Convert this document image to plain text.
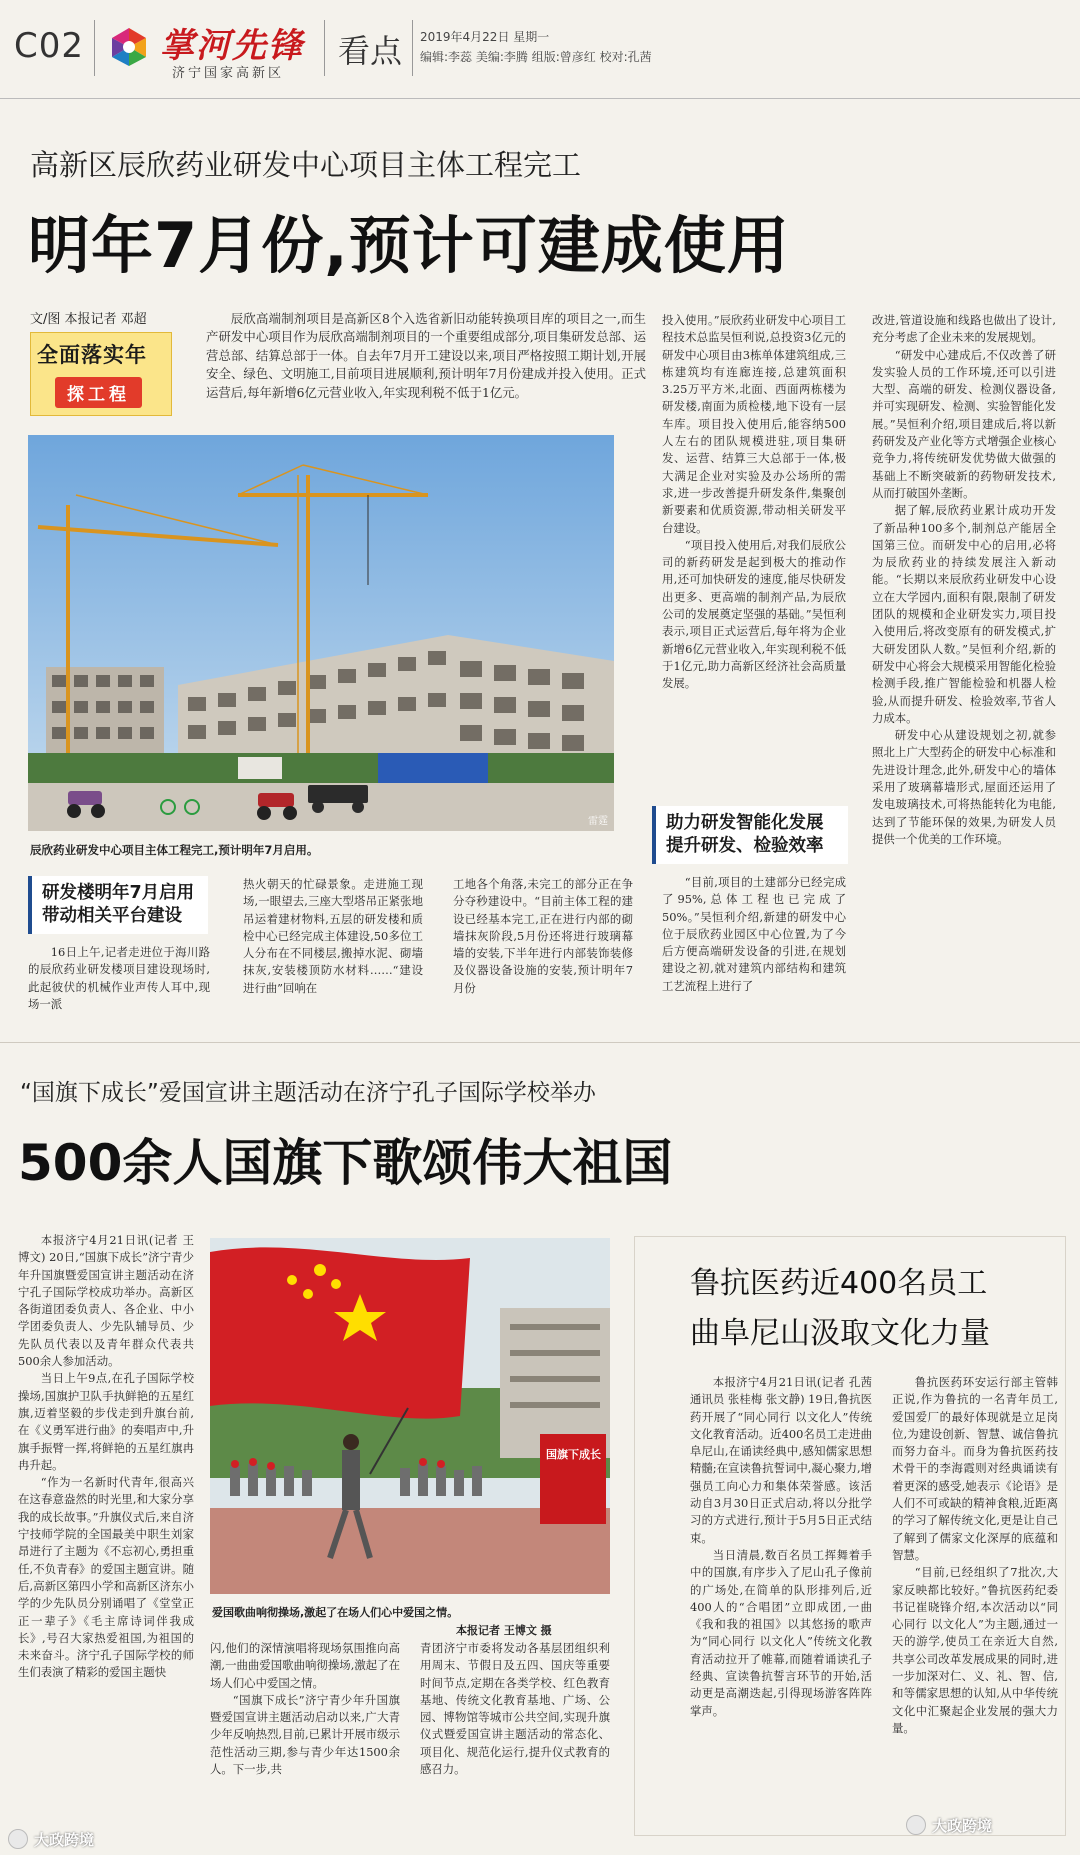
C02 掌河先锋
济宁国家高新区
看点 2019年4月22日 星期一
编辑:李蕊 美编:李腾 组版:曾彦红 校对:孔茜
高新区辰欣药业研发中心项目主体工程完工
明年7月份,预计可建成使用
文/图 本报记者 邓超
全面落实年
探工程

辰欣高端制剂项目是高新区8个入选省新旧动能转换项目库的项目之一,而生产研发中心项目作为辰欣高端制剂项目的一个重要组成部分,项目集研发总部、运营总部、结算总部于一体。自去年7月开工建设以来,项目严格按照工期计划,开展安全、绿色、文明施工,目前项目进展顺利,预计明年7月份建成并投入使用。正式运营后,每年新增6亿元营业收入,年实现利税不低于1亿元。

雷霆
辰欣药业研发中心项目主体工程完工,预计明年7月启用。
研发楼明年7月启用
带动相关平台建设

16日上午,记者走进位于海川路的辰欣药业研发楼项目建设现场时,此起彼伏的机械作业声传人耳中,现场一派

热火朝天的忙碌景象。走进施工现场,一眼望去,三座大型塔吊正紧张地吊运着建材物料,五层的研发楼和质检中心已经完成主体建设,50多位工人分布在不同楼层,搬掉水泥、砌墙抹灰,安装楼顶防水材料……“建设进行曲”回响在

工地各个角落,未完工的部分正在争分夺秒建设中。“目前主体工程的建设已经基本完工,正在进行内部的砌墙抹灰阶段,5月份还将进行玻璃幕墙的安装,下半年进行内部装饰装修及仪器设备设施的安装,预计明年7月份

投入使用。”辰欣药业研发中心项目工程技术总监吴恒利说,总投资3亿元的研发中心项目由3栋单体建筑组成,三栋建筑均有连廊连接,总建筑面积3.25万平方米,北面、西面两栋楼为研发楼,南面为质检楼,地下设有一层车库。项目投入使用后,能容纳500人左右的团队规模进驻,项目集研发、运营、结算三大总部于一体,极大满足企业对实验及办公场所的需求,进一步改善提升研发条件,集聚创新要素和优质资源,带动相关研发平台建设。

“项目投入使用后,对我们辰欣公司的新药研发是起到极大的推动作用,还可加快研发的速度,能尽快研发出更多、更高端的制剂产品,为辰欣公司的发展奠定坚强的基础。”吴恒利表示,项目正式运营后,每年将为企业新增6亿元营业收入,年实现利税不低于1亿元,助力高新区经济社会高质量发展。

助力研发智能化发展
提升研发、检验效率

“目前,项目的土建部分已经完成了95%,总体工程也已完成了50%。”吴恒利介绍,新建的研发中心位于辰欣药业园区中心位置,为了今后方便高端研发设备的引进,在规划建设之初,就对建筑内部结构和建筑工艺流程上进行了

改进,管道设施和线路也做出了设计,充分考虑了企业未来的发展规划。

“研发中心建成后,不仅改善了研发实验人员的工作环境,还可以引进大型、高端的研发、检测仪器设备,并可实现研发、检测、实验智能化发展。”吴恒利介绍,项目建成后,将以新药研发及产业化等方式增强企业核心竞争力,将传统研发优势做大做强的基础上不断突破新的药物研发技术,从而打破国外垄断。

据了解,辰欣药业累计成功开发了新品种100多个,制剂总产能居全国第三位。而研发中心的启用,必将为辰欣药业的持续发展注入新动能。“长期以来辰欣药业研发中心设立在大学园内,面积有限,限制了研发团队的规模和企业研发实力,项目投入使用后,将改变原有的研发模式,扩大研发团队人数。”吴恒利介绍,新的研发中心将会大规模采用智能化检验检测手段,推广智能检验和机器人检验,从而提升研发、检验效率,节省人力成本。

研发中心从建设规划之初,就参照北上广大型药企的研发中心标准和先进设计理念,此外,研发中心的墙体采用了玻璃幕墙形式,屋面还运用了发电玻璃技术,可将热能转化为电能,达到了节能环保的效果,为研发人员提供一个优美的工作环境。

“国旗下成长”爱国宣讲主题活动在济宁孔子国际学校举办
500余人国旗下歌颂伟大祖国

本报济宁4月21日讯(记者 王博文) 20日,“国旗下成长”济宁青少年升国旗暨爱国宣讲主题活动在济宁孔子国际学校成功举办。高新区各街道团委负责人、各企业、中小学团委负责人、少先队辅导员、少先队员代表以及青年群众代表共500余人参加活动。

当日上午9点,在孔子国际学校操场,国旗护卫队手执鲜艳的五星红旗,迈着坚毅的步伐走到升旗台前,在《义勇军进行曲》的奏唱声中,升旗手振臂一挥,将鲜艳的五星红旗冉冉升起。

“作为一名新时代青年,很高兴在这春意盎然的时光里,和大家分享我的成长故事。”升旗仪式后,来自济宁技师学院的全国最美中职生刘家昂进行了主题为《不忘初心,勇担重任,不负青春》的爱国主题宣讲。随后,高新区第四小学和高新区济东小学的少先队员分别诵唱了《堂堂正正一辈子》《毛主席诗词伴我成长》,号召大家热爱祖国,为祖国的未来奋斗。济宁孔子国际学校的师生们表演了精彩的爱国主题快

国旗下成长
爱国歌曲响彻操场,激起了在场人们心中爱国之情。
本报记者 王博文 摄

闪,他们的深情演唱将现场氛围推向高潮,一曲曲爱国歌曲响彻操场,激起了在场人们心中爱国之情。

“国旗下成长”济宁青少年升国旗暨爱国宣讲主题活动启动以来,广大青少年反响热烈,目前,已累计开展市级示范性活动三期,参与青少年达1500余人。下一步,共

青团济宁市委将发动各基层团组织利用周末、节假日及五四、国庆等重要时间节点,定期在各类学校、红色教育基地、传统文化教育基地、广场、公园、博物馆等城市公共空间,实现升旗仪式暨爱国宣讲主题活动的常态化、项目化、规范化运行,提升仪式教育的感召力。

鲁抗医药近400名员工
曲阜尼山汲取文化力量

本报济宁4月21日讯(记者 孔茜 通讯员 张桂梅 张文静) 19日,鲁抗医药开展了“同心同行 以文化人”传统文化教育活动。近400名员工走进曲阜尼山,在诵读经典中,感知儒家思想精髓;在宣读鲁抗誓词中,凝心聚力,增强员工向心力和集体荣誉感。该活动自3月30日正式启动,将以分批学习的方式进行,预计于5月5日正式结束。

当日清晨,数百名员工挥舞着手中的国旗,有序步入了尼山孔子像前的广场处,在简单的队形排列后,近400人的“合唱团”立即成团,一曲《我和我的祖国》以其悠扬的歌声为“同心同行 以文化人”传统文化教育活动拉开了帷幕,而随着诵读孔子经典、宣读鲁抗誓言环节的开始,活动更是高潮迭起,引得现场游客阵阵掌声。

鲁抗医药环安运行部主管韩正说,作为鲁抗的一名青年员工,爱国爱厂的最好体现就是立足岗位,为建设创新、智慧、诚信鲁抗而努力奋斗。而身为鲁抗医药技术骨干的李海霞则对经典诵读有着更深的感受,她表示《论语》是人们不可或缺的精神食粮,近距离的学习了解传统文化,更是让自己了解到了儒家文化深厚的底蕴和智慧。

“目前,已经组织了7批次,大家反映都比较好。”鲁抗医药纪委书记崔晓锋介绍,本次活动以“同心同行 以文化人”为主题,通过一天的游学,使员工在亲近大自然,共享公司改革发展成果的同时,进一步加深对仁、义、礼、智、信,和等儒家思想的认知,从中华传统文化中汇聚起企业发展的强大力量。

大政跨境
大政跨境
